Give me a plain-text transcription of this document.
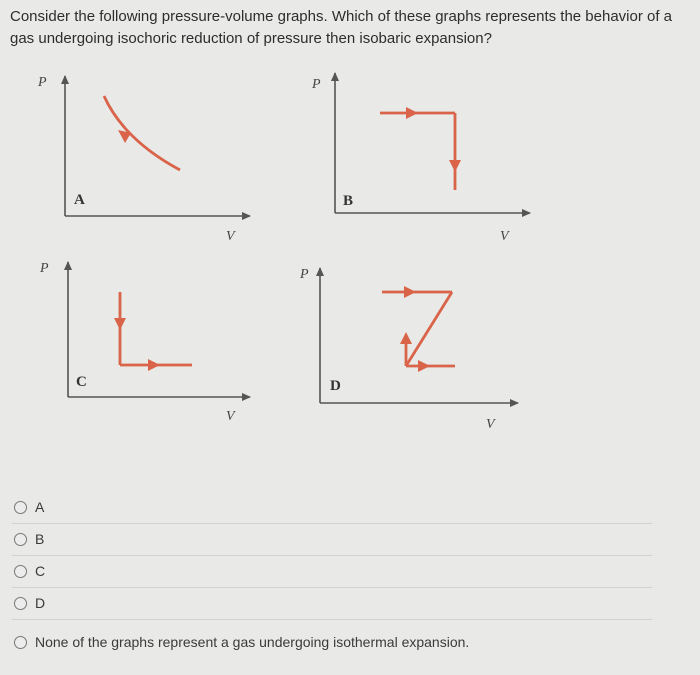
Consider the following pressure-volume graphs. Which of these graphs represents the behavior of a gas undergoing isochoric reduction of pressure then isobaric expansion?
P
V
A
P
V
B
P
V
C
P
V
D
A
B
C
D
None of the graphs represent a gas undergoing isothermal expansion.
